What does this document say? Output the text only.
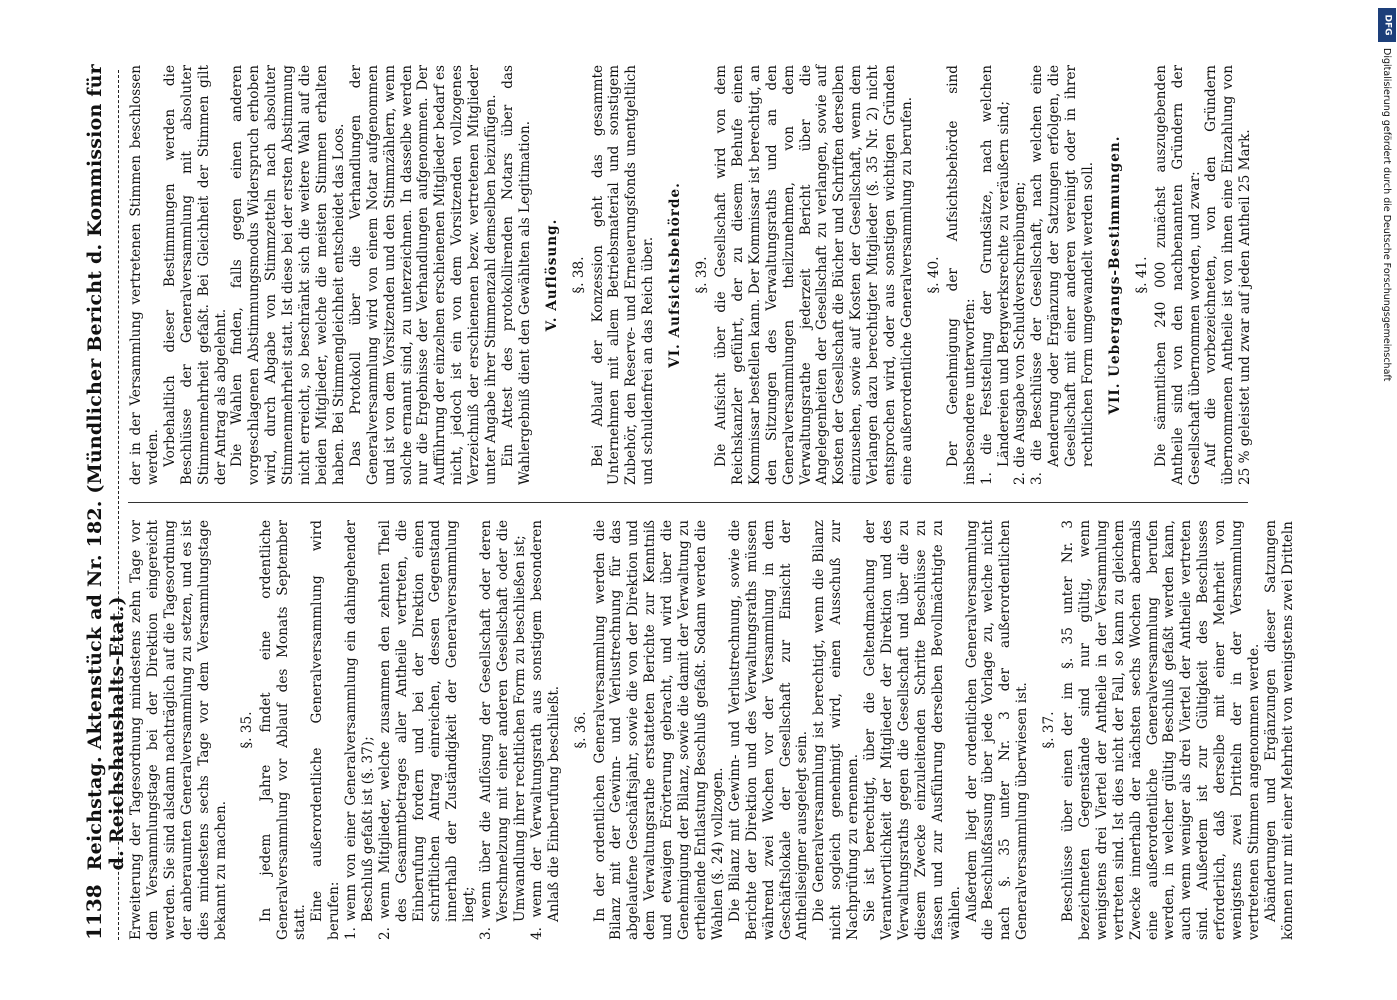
1138
Reichstag. Aktenstück ad Nr. 182. (Mündlicher Bericht d. Kommission für d. Reichshaushalts-Etat.) Erweiterung der Tagesordnung mindestens zehn Tage vor dem Versammlungstage bei der Direktion eingereicht werden. Sie sind alsdann nachträglich auf die Tagesordnung der anberaumten Generalversammlung zu setzen, und es ist dies mindestens sechs Tage vor dem Versammlungstage bekannt zu machen.

§. 35. In jedem Jahre findet eine ordentliche Generalversammlung vor Ablauf des Monats September statt.

Eine außerordentliche Generalversammlung wird berufen: 1. wenn von einer Generalversammlung ein dahingehender Beschluß gefaßt ist (§. 37); 2. wenn Mitglieder, welche zusammen den zehnten Theil des Gesammtbetrages aller Antheile vertreten, die Einberufung fordern und bei der Direktion einen schriftlichen Antrag einreichen, dessen Gegenstand innerhalb der Zuständigkeit der Generalversammlung liegt; 3. wenn über die Auflösung der Gesellschaft oder deren Verschmelzung mit einer anderen Gesellschaft oder die Umwandlung ihrer rechtlichen Form zu beschließen ist; 4. wenn der Verwaltungsrath aus sonstigem besonderen Anlaß die Einberufung beschließt. §. 36. In der ordentlichen Generalversammlung werden die Bilanz mit der Gewinn- und Verlustrechnung für das abgelaufene Geschäftsjahr, sowie die von der Direktion und dem Verwaltungsrathe erstatteten Berichte zur Kenntniß und etwaigen Erörterung gebracht, und wird über die Genehmigung der Bilanz, sowie die damit der Verwaltung zu ertheilende Entlastung Beschluß gefaßt. Sodann werden die Wahlen (§. 24) vollzogen. Die Bilanz mit Gewinn- und Verlustrechnung, sowie die Berichte der Direktion und des Verwaltungsraths müssen während zwei Wochen vor der Versammlung in dem Geschäftslokale der Gesellschaft zur Einsicht der Antheilseigner ausgelegt sein. Die Generalversammlung ist berechtigt, wenn die Bilanz nicht sogleich genehmigt wird, einen Ausschuß zur Nachprüfung zu ernennen. Sie ist berechtigt, über die Geltendmachung der Verantwortlichkeit der Mitglieder der Direktion und des Verwaltungsraths gegen die Gesellschaft und über die zu diesem Zwecke einzuleitenden Schritte Beschlüsse zu fassen und zur Ausführung derselben Bevollmächtigte zu wählen. Außerdem liegt der ordentlichen Generalversammlung die Beschlußfassung über jede Vorlage zu, welche nicht nach §. 35 unter Nr. 3 der außerordentlichen Generalversammlung überwiesen ist. §. 37. Beschlüsse über einen der im §. 35 unter Nr. 3 bezeichneten Gegenstände sind nur gültig, wenn wenigstens drei Viertel der Antheile in der Versammlung vertreten sind. Ist dies nicht der Fall, so kann zu gleichem Zwecke innerhalb der nächsten sechs Wochen abermals eine außerordentliche Generalversammlung berufen werden, in welcher gültig Beschluß gefaßt werden kann, auch wenn weniger als drei Viertel der Antheile vertreten sind. Außerdem ist zur Gültigkeit des Beschlusses erforderlich, daß derselbe mit einer Mehrheit von wenigstens zwei Dritteln der in der Versammlung vertretenen Stimmen angenommen werde. Abänderungen und Ergänzungen dieser Satzungen können nur mit einer Mehrheit von wenigstens zwei Dritteln

der in der Versammlung vertretenen Stimmen beschlossen werden. Vorbehaltlich dieser Bestimmungen werden die Beschlüsse der Generalversammlung mit absoluter Stimmenmehrheit gefaßt. Bei Gleichheit der Stimmen gilt der Antrag als abgelehnt. Die Wahlen finden, falls gegen einen anderen vorgeschlagenen Abstimmungsmodus Widerspruch erhoben wird, durch Abgabe von Stimmzetteln nach absoluter Stimmenmehrheit statt. Ist diese bei der ersten Abstimmung nicht erreicht, so beschränkt sich die weitere Wahl auf die beiden Mitglieder, welche die meisten Stimmen erhalten haben. Bei Stimmengleichheit entscheidet das Loos. Das Protokoll über die Verhandlungen der Generalversammlung wird von einem Notar aufgenommen und ist von dem Vorsitzenden und den Stimmzählern, wenn solche ernannt sind, zu unterzeichnen. In dasselbe werden nur die Ergebnisse der Verhandlungen aufgenommen. Der Aufführung der einzelnen erschienenen Mitglieder bedarf es nicht, jedoch ist ein von dem Vorsitzenden vollzogenes Verzeichniß der erschienenen bezw. vertretenen Mitglieder unter Angabe ihrer Stimmenzahl demselben beizufügen. Ein Attest des protokollirenden Notars über das Wahlergebniß dient den Gewählten als Legitimation. V. Auflösung. §. 38. Bei Ablauf der Konzession geht das gesammte Unternehmen mit allem Betriebsmaterial und sonstigem Zubehör, den Reserve- und Erneuerungsfonds unentgeltlich und schuldenfrei an das Reich über. VI. Aufsichtsbehörde. §. 39. Die Aufsicht über die Gesellschaft wird von dem Reichskanzler geführt, der zu diesem Behufe einen Kommissar bestellen kann. Der Kommissar ist berechtigt, an den Sitzungen des Verwaltungsraths und an den Generalversammlungen theilzunehmen, von dem Verwaltungsrathe jederzeit Bericht über die Angelegenheiten der Gesellschaft zu verlangen, sowie auf Kosten der Gesellschaft die Bücher und Schriften derselben einzusehen, sowie auf Kosten der Gesellschaft, wenn dem Verlangen dazu berechtigter Mitglieder (§. 35 Nr. 2) nicht entsprochen wird, oder aus sonstigen wichtigen Gründen eine außerordentliche Generalversammlung zu berufen. §. 40. Der Genehmigung der Aufsichtsbehörde sind insbesondere unterworfen: 1. die Feststellung der Grundsätze, nach welchen Ländereien und Bergwerksrechte zu veräußern sind; 2. die Ausgabe von Schuldverschreibungen; 3. die Beschlüsse der Gesellschaft, nach welchen eine Aenderung oder Ergänzung der Satzungen erfolgen, die Gesellschaft mit einer anderen vereinigt oder in ihrer rechtlichen Form umgewandelt werden soll. VII. Uebergangs-Bestimmungen. §. 41. Die sämmtlichen 240 000 zunächst auszugebenden Antheile sind von den nachbenannten Gründern der Gesellschaft übernommen worden, und zwar: Auf die vorbezeichneten, von den Gründern übernommenen Antheile ist von ihnen eine Einzahlung von 25 % geleistet und zwar auf jeden Antheil 25 Mark.

DFG
Digitalisierung gefördert durch die Deutsche Forschungsgemeinschaft
